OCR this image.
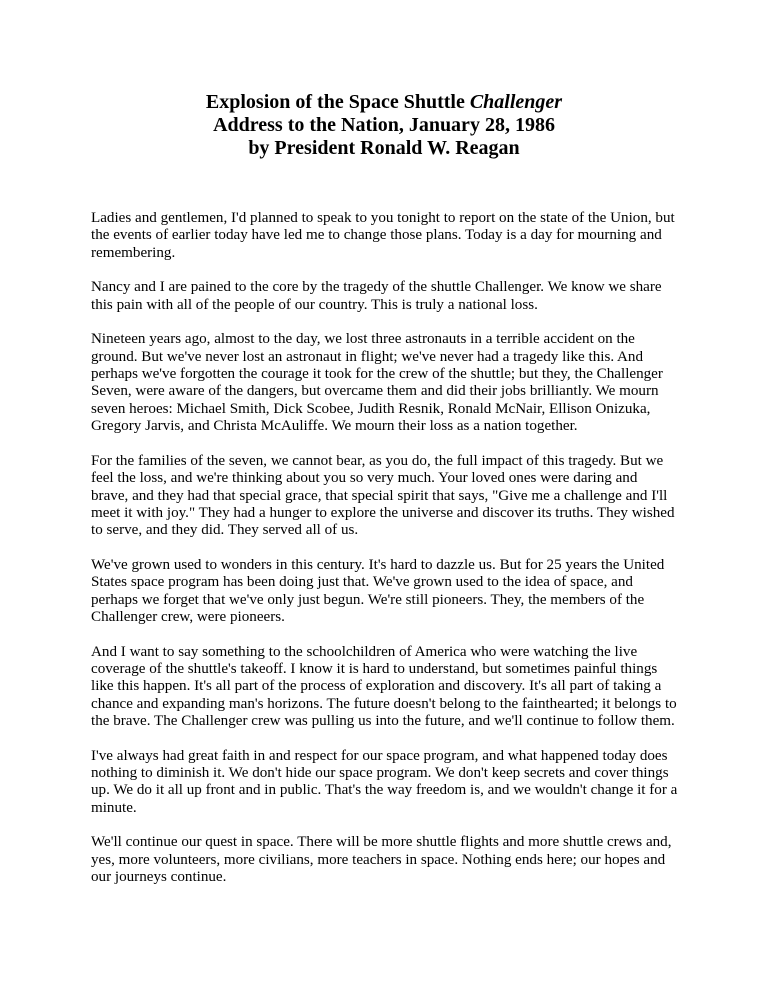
Explosion of the Space Shuttle Challenger
Address to the Nation, January 28, 1986
by President Ronald W. Reagan
Ladies and gentlemen, I'd planned to speak to you tonight to report on the state of the Union, but
the events of earlier today have led me to change those plans. Today is a day for mourning and
remembering.
Nancy and I are pained to the core by the tragedy of the shuttle Challenger. We know we share
this pain with all of the people of our country. This is truly a national loss.
Nineteen years ago, almost to the day, we lost three astronauts in a terrible accident on the
ground. But we've never lost an astronaut in flight; we've never had a tragedy like this. And
perhaps we've forgotten the courage it took for the crew of the shuttle; but they, the Challenger
Seven, were aware of the dangers, but overcame them and did their jobs brilliantly. We mourn
seven heroes: Michael Smith, Dick Scobee, Judith Resnik, Ronald McNair, Ellison Onizuka,
Gregory Jarvis, and Christa McAuliffe. We mourn their loss as a nation together.
For the families of the seven, we cannot bear, as you do, the full impact of this tragedy. But we
feel the loss, and we're thinking about you so very much. Your loved ones were daring and
brave, and they had that special grace, that special spirit that says, "Give me a challenge and I'll
meet it with joy." They had a hunger to explore the universe and discover its truths. They wished
to serve, and they did. They served all of us.
We've grown used to wonders in this century. It's hard to dazzle us. But for 25 years the United
States space program has been doing just that. We've grown used to the idea of space, and
perhaps we forget that we've only just begun. We're still pioneers. They, the members of the
Challenger crew, were pioneers.
And I want to say something to the schoolchildren of America who were watching the live
coverage of the shuttle's takeoff. I know it is hard to understand, but sometimes painful things
like this happen. It's all part of the process of exploration and discovery. It's all part of taking a
chance and expanding man's horizons. The future doesn't belong to the fainthearted; it belongs to
the brave. The Challenger crew was pulling us into the future, and we'll continue to follow them.
I've always had great faith in and respect for our space program, and what happened today does
nothing to diminish it. We don't hide our space program. We don't keep secrets and cover things
up. We do it all up front and in public. That's the way freedom is, and we wouldn't change it for a
minute.
We'll continue our quest in space. There will be more shuttle flights and more shuttle crews and,
yes, more volunteers, more civilians, more teachers in space. Nothing ends here; our hopes and
our journeys continue.
